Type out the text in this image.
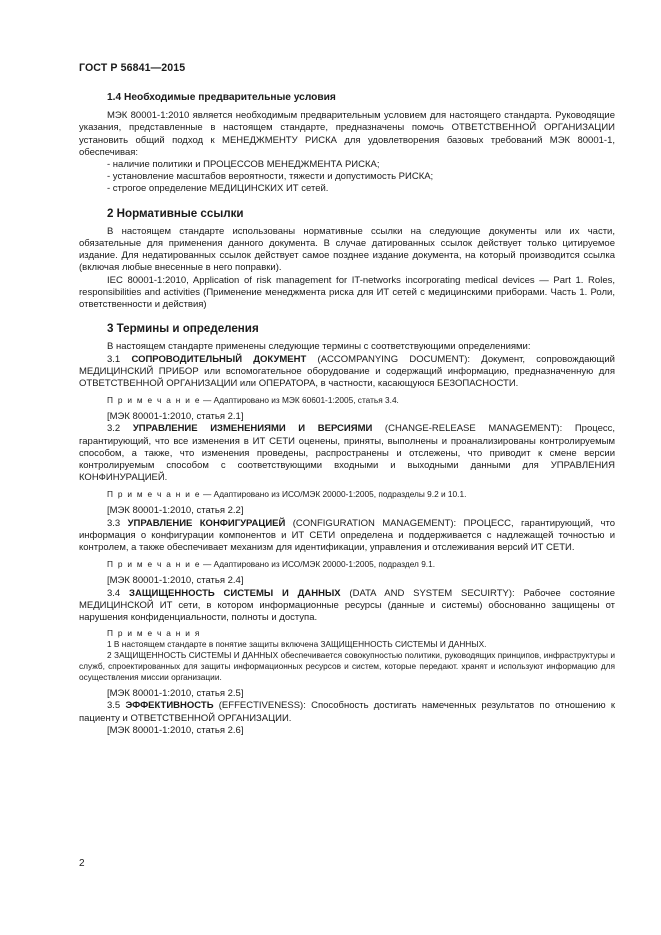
ГОСТ Р 56841—2015
1.4 Необходимые предварительные условия

МЭК 80001-1:2010 является необходимым предварительным условием для настоящего стандарта. Руководящие указания, представленные в настоящем стандарте, предназначены помочь ОТВЕТСТВЕННОЙ ОРГАНИЗАЦИИ установить общий подход к МЕНЕДЖМЕНТУ РИСКА для удовлетворения базовых требований МЭК 80001-1, обеспечивая:

- наличие политики и ПРОЦЕССОВ МЕНЕДЖМЕНТА РИСКА;

- установление масштабов вероятности, тяжести и допустимость РИСКА;

- строгое определение МЕДИЦИНСКИХ ИТ сетей.

2 Нормативные ссылки

В настоящем стандарте использованы нормативные ссылки на следующие документы или их части, обязательные для применения данного документа. В случае датированных ссылок действует только цитируемое издание. Для недатированных ссылок действует самое позднее издание документа, на который производится ссылка (включая любые внесенные в него поправки).

IEC 80001-1:2010, Application of risk management for IT-networks incorporating medical devices — Part 1. Roles, responsibilities and activities (Применение менеджмента риска для ИТ сетей с медицинскими приборами. Часть 1. Роли, ответственности и действия)

3 Термины и определения

В настоящем стандарте применены следующие термины с соответствующими определениями:

3.1 СОПРОВОДИТЕЛЬНЫЙ ДОКУМЕНТ (ACCOMPANYING DOCUMENT): Документ, сопровождающий МЕДИЦИНСКИЙ ПРИБОР или вспомогательное оборудование и содержащий информацию, предназначенную для ОТВЕТСТВЕННОЙ ОРГАНИЗАЦИИ или ОПЕРАТОРА, в частности, касающуюся БЕЗОПАСНОСТИ.

П р и м е ч а н и е — Адаптировано из МЭК 60601-1:2005, статья 3.4.

[МЭК 80001-1:2010, статья 2.1]

3.2 УПРАВЛЕНИЕ ИЗМЕНЕНИЯМИ И ВЕРСИЯМИ (CHANGE-RELEASE MANAGEMENT): Процесс, гарантирующий, что все изменения в ИТ СЕТИ оценены, приняты, выполнены и проанализированы контролируемым способом, а также, что изменения проведены, распространены и отслежены, что приводит к смене версии контролируемым способом с соответствующими входными и выходными данными для УПРАВЛЕНИЯ КОНФИНУРАЦИЕЙ.

П р и м е ч а н и е — Адаптировано из ИСО/МЭК 20000-1:2005, подразделы 9.2 и 10.1.

[МЭК 80001-1:2010, статья 2.2]

3.3 УПРАВЛЕНИЕ КОНФИГУРАЦИЕЙ (CONFIGURATION MANAGEMENT): ПРОЦЕСС, гарантирующий, что информация о конфигурации компонентов и ИТ СЕТИ определена и поддерживается с надлежащей точностью и контролем, а также обеспечивает механизм для идентификации, управления и отслеживания версий ИТ СЕТИ.

П р и м е ч а н и е — Адаптировано из ИСО/МЭК 20000-1:2005, подраздел 9.1.

[МЭК 80001-1:2010, статья 2.4]

3.4 ЗАЩИЩЕННОСТЬ СИСТЕМЫ И ДАННЫХ (DATA AND SYSTEM SECUIRTY): Рабочее состояние МЕДИЦИНСКОЙ ИТ сети, в котором информационные ресурсы (данные и системы) обоснованно защищены от нарушения конфиденциальности, полноты и доступа.

П р и м е ч а н и я

1 В настоящем стандарте в понятие защиты включена ЗАЩИЩЕННОСТЬ СИСТЕМЫ И ДАННЫХ.

2 ЗАЩИЩЕННОСТЬ СИСТЕМЫ И ДАННЫХ обеспечивается совокупностью политики, руководящих принципов, инфраструктуры и служб, спроектированных для защиты информационных ресурсов и систем, которые передают. хранят и используют информацию для осуществления миссии организации.

[МЭК 80001-1:2010, статья 2.5]

3.5 ЭФФЕКТИВНОСТЬ (EFFECTIVENESS): Способность достигать намеченных результатов по отношению к пациенту и ОТВЕТСТВЕННОЙ ОРГАНИЗАЦИИ.

[МЭК 80001-1:2010, статья 2.6]

2
